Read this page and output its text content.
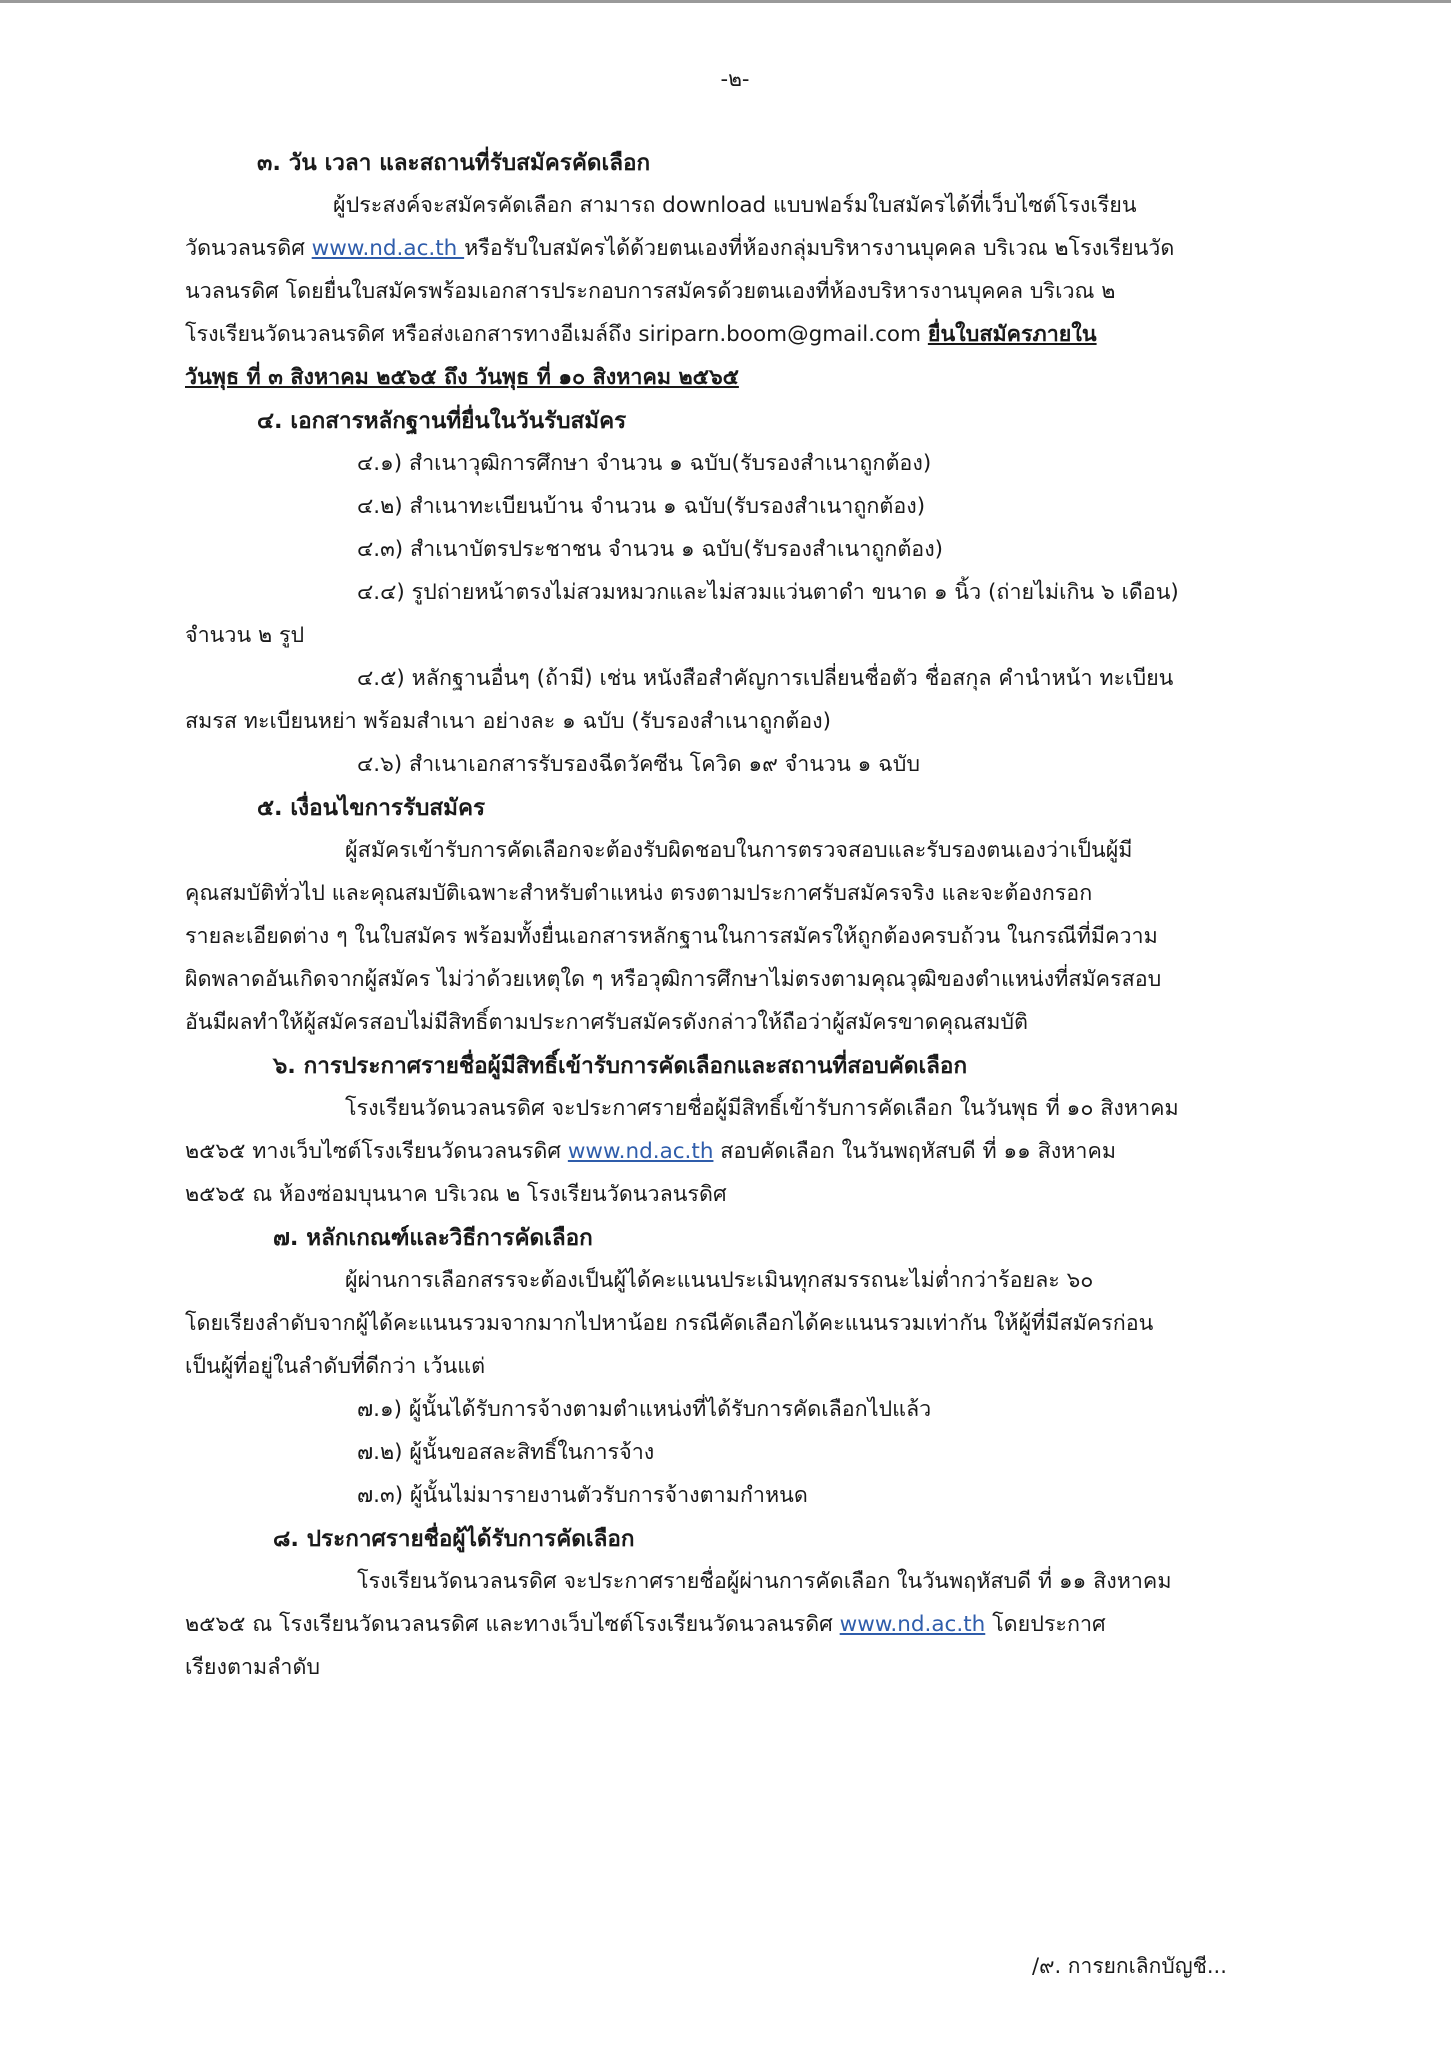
-๒-
๓. วัน เวลา และสถานที่รับสมัครคัดเลือก
ผู้ประสงค์จะสมัครคัดเลือก สามารถ download แบบฟอร์มใบสมัครได้ที่เว็บไซต์โรงเรียน
วัดนวลนรดิศ www.nd.ac.th หรือรับใบสมัครได้ด้วยตนเองที่ห้องกลุ่มบริหารงานบุคคล บริเวณ ๒โรงเรียนวัด
นวลนรดิศ โดยยื่นใบสมัครพร้อมเอกสารประกอบการสมัครด้วยตนเองที่ห้องบริหารงานบุคคล บริเวณ ๒
โรงเรียนวัดนวลนรดิศ หรือส่งเอกสารทางอีเมล์ถึง siriparn.boom@gmail.com ยื่นใบสมัครภายใน
วันพุธ ที่ ๓ สิงหาคม ๒๕๖๕ ถึง วันพุธ ที่ ๑๐ สิงหาคม ๒๕๖๕
๔. เอกสารหลักฐานที่ยื่นในวันรับสมัคร
๔.๑) สำเนาวุฒิการศึกษา จำนวน ๑ ฉบับ(รับรองสำเนาถูกต้อง)
๔.๒) สำเนาทะเบียนบ้าน จำนวน ๑ ฉบับ(รับรองสำเนาถูกต้อง)
๔.๓) สำเนาบัตรประชาชน จำนวน ๑ ฉบับ(รับรองสำเนาถูกต้อง)
๔.๔) รูปถ่ายหน้าตรงไม่สวมหมวกและไม่สวมแว่นตาดำ ขนาด ๑ นิ้ว (ถ่ายไม่เกิน ๖ เดือน)
จำนวน ๒ รูป
๔.๕) หลักฐานอื่นๆ (ถ้ามี) เช่น หนังสือสำคัญการเปลี่ยนชื่อตัว ชื่อสกุล คำนำหน้า ทะเบียน
สมรส ทะเบียนหย่า พร้อมสำเนา อย่างละ ๑ ฉบับ (รับรองสำเนาถูกต้อง)
๔.๖) สำเนาเอกสารรับรองฉีดวัคซีน โควิด ๑๙ จำนวน ๑ ฉบับ
๕. เงื่อนไขการรับสมัคร
ผู้สมัครเข้ารับการคัดเลือกจะต้องรับผิดชอบในการตรวจสอบและรับรองตนเองว่าเป็นผู้มี
คุณสมบัติทั่วไป และคุณสมบัติเฉพาะสำหรับตำแหน่ง ตรงตามประกาศรับสมัครจริง และจะต้องกรอก
รายละเอียดต่าง ๆ ในใบสมัคร พร้อมทั้งยื่นเอกสารหลักฐานในการสมัครให้ถูกต้องครบถ้วน ในกรณีที่มีความ
ผิดพลาดอันเกิดจากผู้สมัคร ไม่ว่าด้วยเหตุใด ๆ หรือวุฒิการศึกษาไม่ตรงตามคุณวุฒิของตำแหน่งที่สมัครสอบ
อันมีผลทำให้ผู้สมัครสอบไม่มีสิทธิ์ตามประกาศรับสมัครดังกล่าวให้ถือว่าผู้สมัครขาดคุณสมบัติ
๖. การประกาศรายชื่อผู้มีสิทธิ์เข้ารับการคัดเลือกและสถานที่สอบคัดเลือก
โรงเรียนวัดนวลนรดิศ จะประกาศรายชื่อผู้มีสิทธิ์เข้ารับการคัดเลือก ในวันพุธ ที่ ๑๐ สิงหาคม
๒๕๖๕ ทางเว็บไซต์โรงเรียนวัดนวลนรดิศ www.nd.ac.th สอบคัดเลือก ในวันพฤหัสบดี ที่ ๑๑ สิงหาคม
๒๕๖๕ ณ ห้องซ่อมบุนนาค บริเวณ ๒ โรงเรียนวัดนวลนรดิศ
๗. หลักเกณฑ์และวิธีการคัดเลือก
ผู้ผ่านการเลือกสรรจะต้องเป็นผู้ได้คะแนนประเมินทุกสมรรถนะไม่ต่ำกว่าร้อยละ ๖๐
โดยเรียงลำดับจากผู้ได้คะแนนรวมจากมากไปหาน้อย กรณีคัดเลือกได้คะแนนรวมเท่ากัน ให้ผู้ที่มีสมัครก่อน
เป็นผู้ที่อยู่ในลำดับที่ดีกว่า เว้นแต่
๗.๑) ผู้นั้นได้รับการจ้างตามตำแหน่งที่ได้รับการคัดเลือกไปแล้ว
๗.๒) ผู้นั้นขอสละสิทธิ์ในการจ้าง
๗.๓) ผู้นั้นไม่มารายงานตัวรับการจ้างตามกำหนด
๘. ประกาศรายชื่อผู้ได้รับการคัดเลือก
โรงเรียนวัดนวลนรดิศ จะประกาศรายชื่อผู้ผ่านการคัดเลือก ในวันพฤหัสบดี ที่ ๑๑ สิงหาคม
๒๕๖๕ ณ โรงเรียนวัดนวลนรดิศ และทางเว็บไซต์โรงเรียนวัดนวลนรดิศ www.nd.ac.th โดยประกาศ
เรียงตามลำดับ
/๙. การยกเลิกบัญชี...
